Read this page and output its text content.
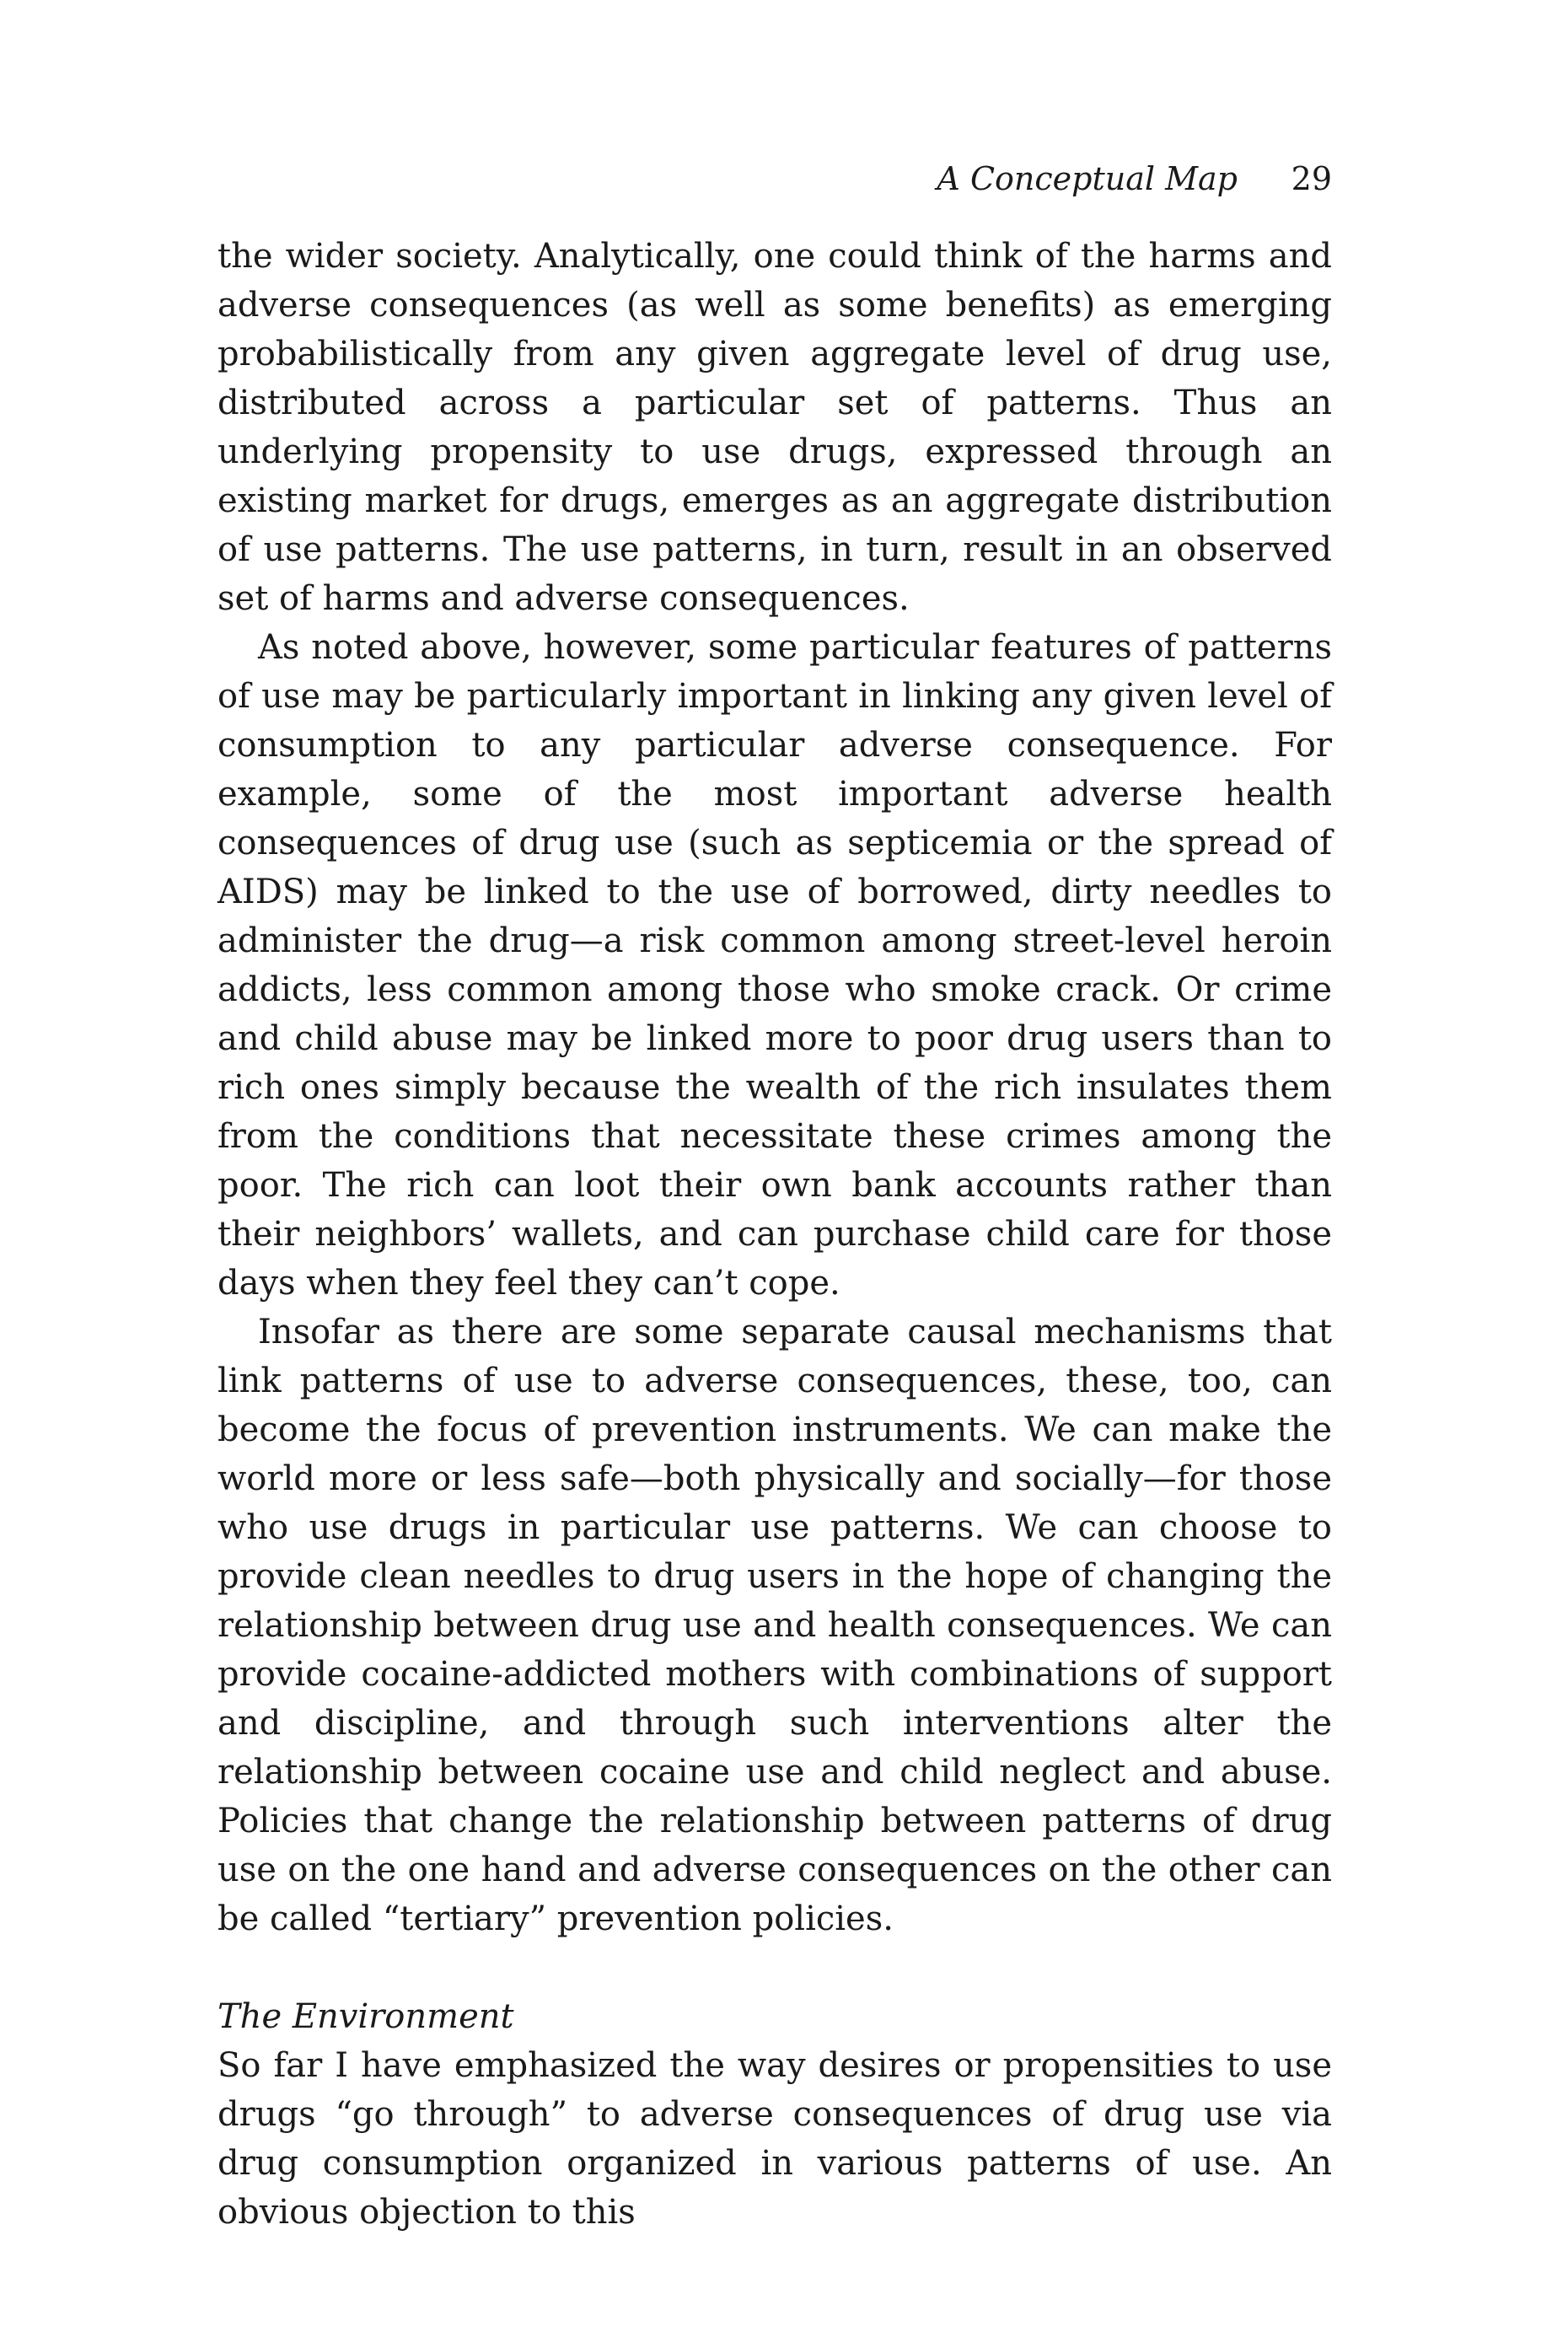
A Conceptual Map 29

the wider society. Analytically, one could think of the harms and adverse consequences (as well as some benefits) as emerging probabilistically from any given aggregate level of drug use, distributed across a particular set of patterns. Thus an underlying propensity to use drugs, expressed through an existing market for drugs, emerges as an aggregate distribution of use patterns. The use patterns, in turn, result in an observed set of harms and adverse consequences.

As noted above, however, some particular features of patterns of use may be particularly important in linking any given level of consumption to any particular adverse consequence. For example, some of the most important adverse health consequences of drug use (such as septicemia or the spread of AIDS) may be linked to the use of borrowed, dirty needles to administer the drug—a risk common among street-level heroin addicts, less common among those who smoke crack. Or crime and child abuse may be linked more to poor drug users than to rich ones simply because the wealth of the rich insulates them from the conditions that necessitate these crimes among the poor. The rich can loot their own bank accounts rather than their neighbors’ wallets, and can purchase child care for those days when they feel they can’t cope.

Insofar as there are some separate causal mechanisms that link patterns of use to adverse consequences, these, too, can become the focus of prevention instruments. We can make the world more or less safe—both physically and socially—for those who use drugs in particular use patterns. We can choose to provide clean needles to drug users in the hope of changing the relationship between drug use and health consequences. We can provide cocaine-addicted mothers with combinations of support and discipline, and through such interventions alter the relationship between cocaine use and child neglect and abuse. Policies that change the relationship between patterns of drug use on the one hand and adverse consequences on the other can be called “tertiary” prevention policies.

The Environment

So far I have emphasized the way desires or propensities to use drugs “go through” to adverse consequences of drug use via drug consumption organized in various patterns of use. An obvious objection to this
